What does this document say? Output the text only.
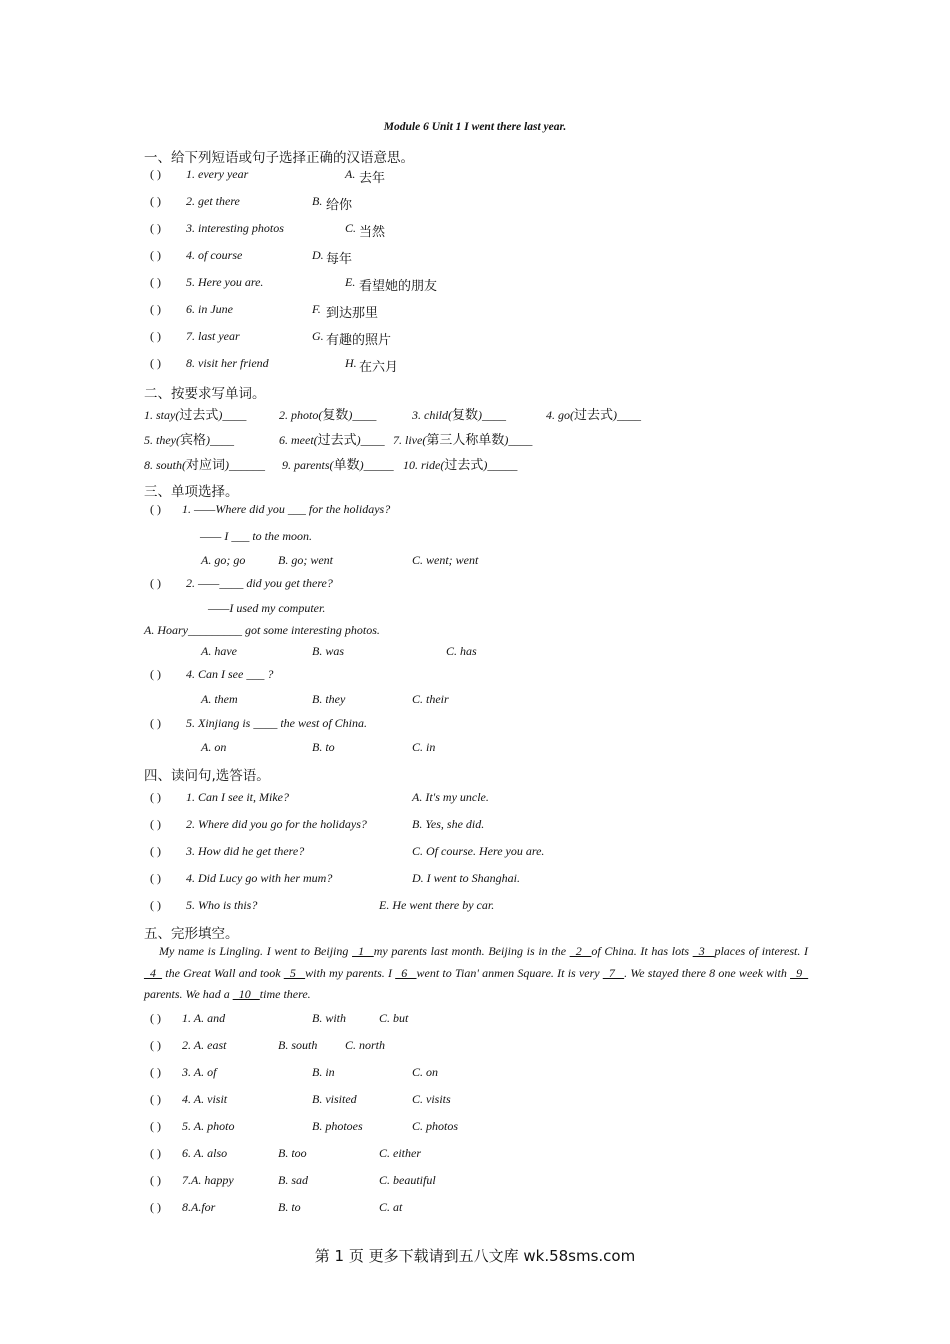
Module 6 Unit 1 I went there last year.
一、给下列短语或句子选择正确的汉语意思。
( ) 1. every year	A. 去年
( ) 2. get there	B. 给你
( ) 3. interesting photos	C. 当然
( ) 4. of course	D. 每年
( ) 5. Here you are.	E. 看望她的朋友
( ) 6. in June	F. 到达那里
( ) 7. last year	G. 有趣的照片
( ) 8. visit her friend	H. 在六月
二、按要求写单词。
1. stay(过去式)____	2. photo(复数)____	3. child(复数)____	4. go(过去式)____
5. they(宾格)____	6. meet(过去式)____ 7. live(第三人称单数)____
8. south(对应词)______ 9. parents(单数)_____ 10. ride(过去式)_____
三、单项选择。
( ) 1. ——Where did you ___ for the holidays?
—— I ___ to the moon.
A. go; go	B. go; went	C. went; went
( ) 2. ——____ did you get there?
——I used my computer.
A. Hoary_________ got some interesting photos.
A. have	B. was	C. has
( ) 4. Can I see ___ ?
A. them	B. they	C. their
( ) 5. Xinjiang is ____ the west of China.
A. on	B. to	C. in
四、读问句,选答语。
( ) 1. Can I see it, Mike?	A. It's my uncle.
( ) 2. Where did you go for the holidays?	B. Yes, she did.
( ) 3. How did he get there?	C. Of course. Here you are.
( ) 4. Did Lucy go with her mum?	D. I went to Shanghai.
( ) 5. Who is this?	E. He went there by car.
五、完形填空。
My name is Lingling. I went to Beijing _1_ my parents last month. Beijing is in the _2_ of China. It has lots _3_ places of interest. I _4_ the Great Wall and took _5_ with my parents. I _6_ went to Tian' anmen Square. It is very _7_ . We stayed there 8 one week with _9_ parents. We had a _10_ time there.
( ) 1. A. and	B. with	C. but
( ) 2. A. east	B. south C. north
( ) 3. A. of	B. in	C. on
( ) 4. A. visit	B. visited	C. visits
( ) 5. A. photo	B. photoes	C. photos
( ) 6. A. also	B. too	C. either
( ) 7.A. happy	B. sad	C. beautiful
( ) 8.A.for	B. to	C. at
第 1 页 更多下载请到五八文库 wk.58sms.com
